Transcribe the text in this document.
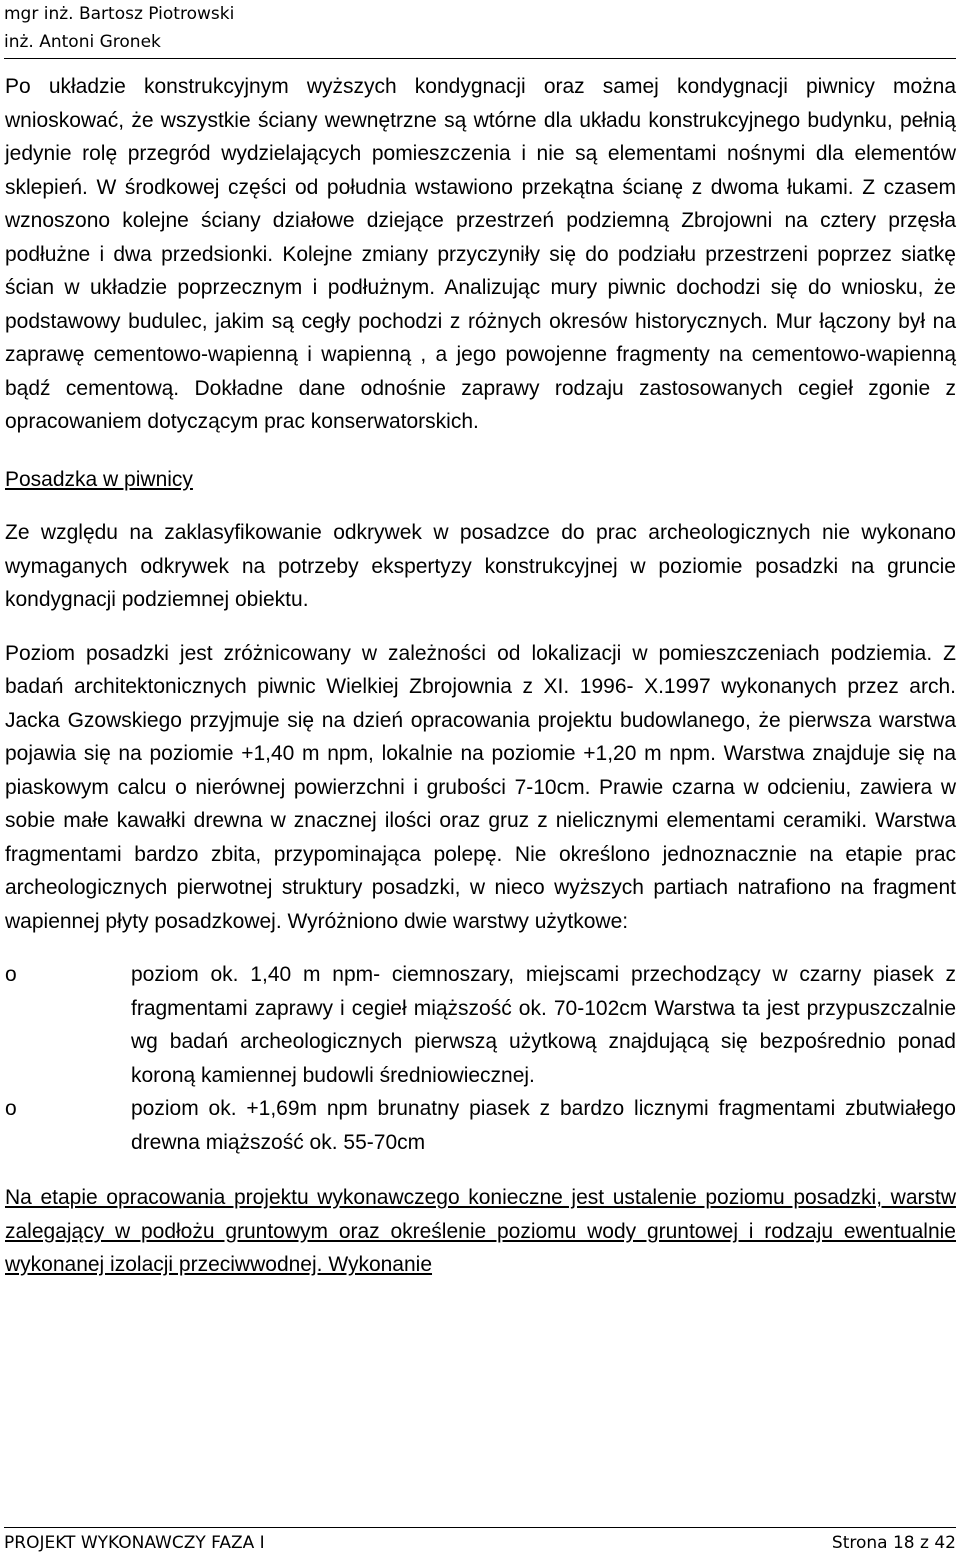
mgr inż. Bartosz Piotrowski
inż. Antoni Gronek

Po układzie konstrukcyjnym wyższych kondygnacji oraz samej kondygnacji piwnicy można wnioskować, że wszystkie ściany wewnętrzne są wtórne dla układu konstrukcyjnego budynku, pełnią jedynie rolę przegród wydzielających pomieszczenia i nie są elementami nośnymi dla elementów sklepień. W środkowej części od południa wstawiono przekątna ścianę z dwoma łukami. Z czasem wznoszono kolejne ściany działowe dziejące przestrzeń podziemną Zbrojowni na cztery przęsła podłużne i dwa przedsionki. Kolejne zmiany przyczyniły się do podziału przestrzeni poprzez siatkę ścian w układzie poprzecznym i podłużnym. Analizując mury piwnic dochodzi się do wniosku, że podstawowy budulec, jakim są cegły pochodzi z różnych okresów historycznych. Mur łączony był na zaprawę cementowo-wapienną i wapienną , a jego powojenne fragmenty na cementowo-wapienną bądź cementową. Dokładne dane odnośnie zaprawy rodzaju zastosowanych cegieł zgonie z opracowaniem dotyczącym prac konserwatorskich.

Posadzka w piwnicy

Ze względu na zaklasyfikowanie odkrywek w posadzce do prac archeologicznych nie wykonano wymaganych odkrywek na potrzeby ekspertyzy konstrukcyjnej w poziomie posadzki na gruncie kondygnacji podziemnej obiektu.

Poziom posadzki jest zróżnicowany w zależności od lokalizacji w pomieszczeniach podziemia. Z badań architektonicznych piwnic Wielkiej Zbrojownia z XI. 1996- X.1997 wykonanych przez arch. Jacka Gzowskiego przyjmuje się na dzień opracowania projektu budowlanego, że pierwsza warstwa pojawia się na poziomie +1,40 m npm, lokalnie na poziomie +1,20 m npm. Warstwa znajduje się na piaskowym calcu o nierównej powierzchni i grubości 7-10cm. Prawie czarna w odcieniu, zawiera w sobie małe kawałki drewna w znacznej ilości oraz gruz z nielicznymi elementami ceramiki. Warstwa fragmentami bardzo zbita, przypominająca polepę. Nie określono jednoznacznie na etapie prac archeologicznych pierwotnej struktury posadzki, w nieco wyższych partiach natrafiono na fragment wapiennej płyty posadzkowej. Wyróżniono dwie warstwy użytkowe:

o	poziom ok. 1,40 m npm- ciemnoszary, miejscami przechodzący w czarny piasek z fragmentami zaprawy i cegieł miąższość ok. 70-102cm Warstwa ta jest przypuszczalnie wg badań archeologicznych pierwszą użytkową znajdującą się bezpośrednio ponad koroną kamiennej budowli średniowiecznej.
o	poziom ok. +1,69m npm brunatny piasek z bardzo licznymi fragmentami zbutwiałego drewna miąższość ok. 55-70cm

Na etapie opracowania projektu wykonawczego konieczne jest ustalenie poziomu posadzki, warstw zalegający w podłożu gruntowym oraz określenie poziomu wody gruntowej i rodzaju ewentualnie wykonanej izolacji przeciwwodnej. Wykonanie

PROJEKT WYKONAWCZY FAZA I	Strona 18 z 42
